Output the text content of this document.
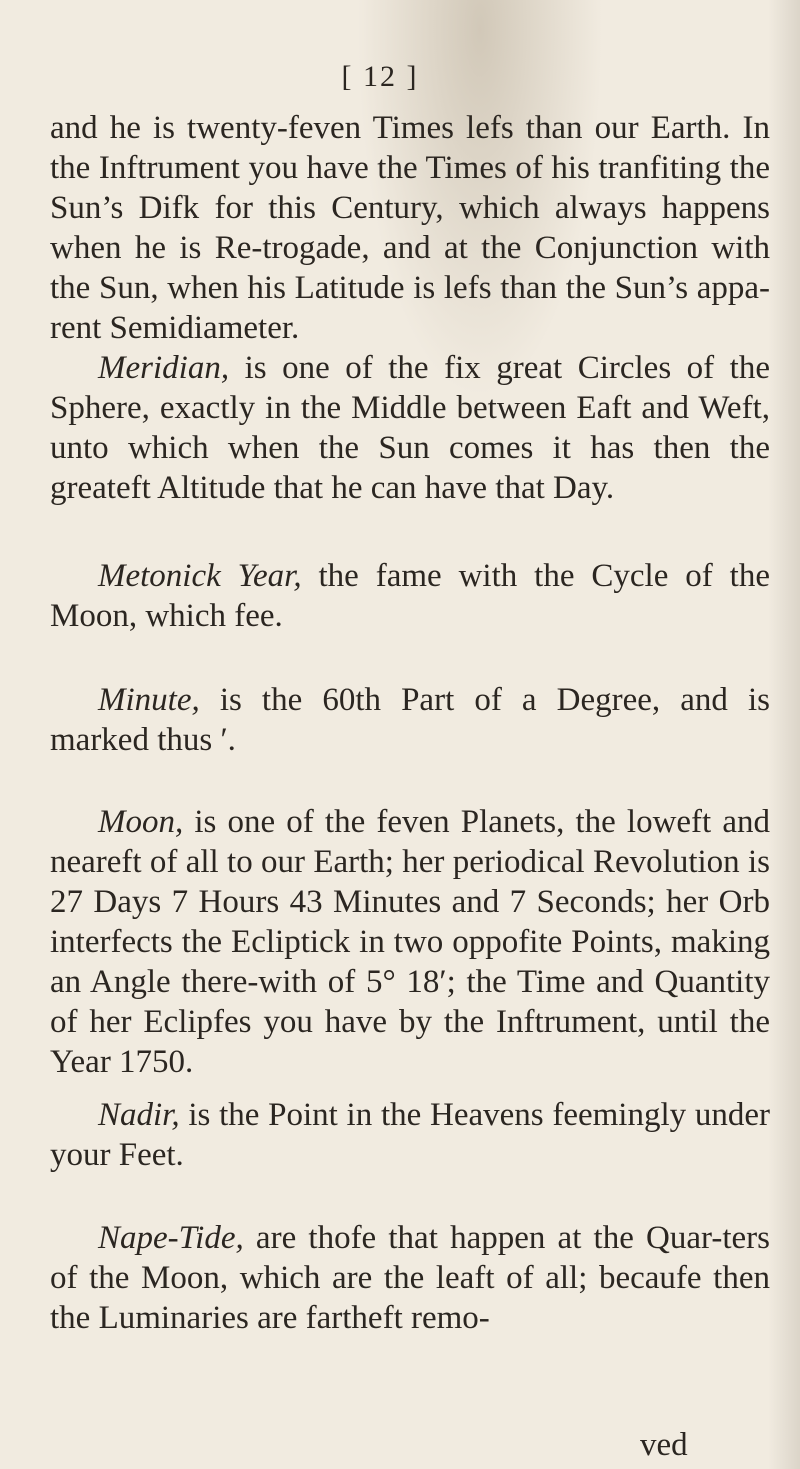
[ 12 ]

and he is twenty-feven Times lefs than our Earth. In the Inftrument you have the Times of his tranfiting the Sun’s Difk for this Century, which always happens when he is Re-trogade, and at the Conjunction with the Sun, when his Latitude is lefs than the Sun’s appa-rent Semidiameter.

Meridian, is one of the fix great Circles of the Sphere, exactly in the Middle between Eaft and Weft, unto which when the Sun comes it has then the greateft Altitude that he can have that Day.

Metonick Year, the fame with the Cycle of the Moon, which fee.

Minute, is the 60th Part of a Degree, and is marked thus ′.

Moon, is one of the feven Planets, the loweft and neareft of all to our Earth; her periodical Revolution is 27 Days 7 Hours 43 Minutes and 7 Seconds; her Orb interfects the Ecliptick in two oppofite Points, making an Angle there-with of 5° 18′; the Time and Quantity of her Eclipfes you have by the Inftrument, until the Year 1750.

Nadir, is the Point in the Heavens feemingly under your Feet.

Nape-Tide, are thofe that happen at the Quar-ters of the Moon, which are the leaft of all; becaufe then the Luminaries are fartheft remo-

ved
